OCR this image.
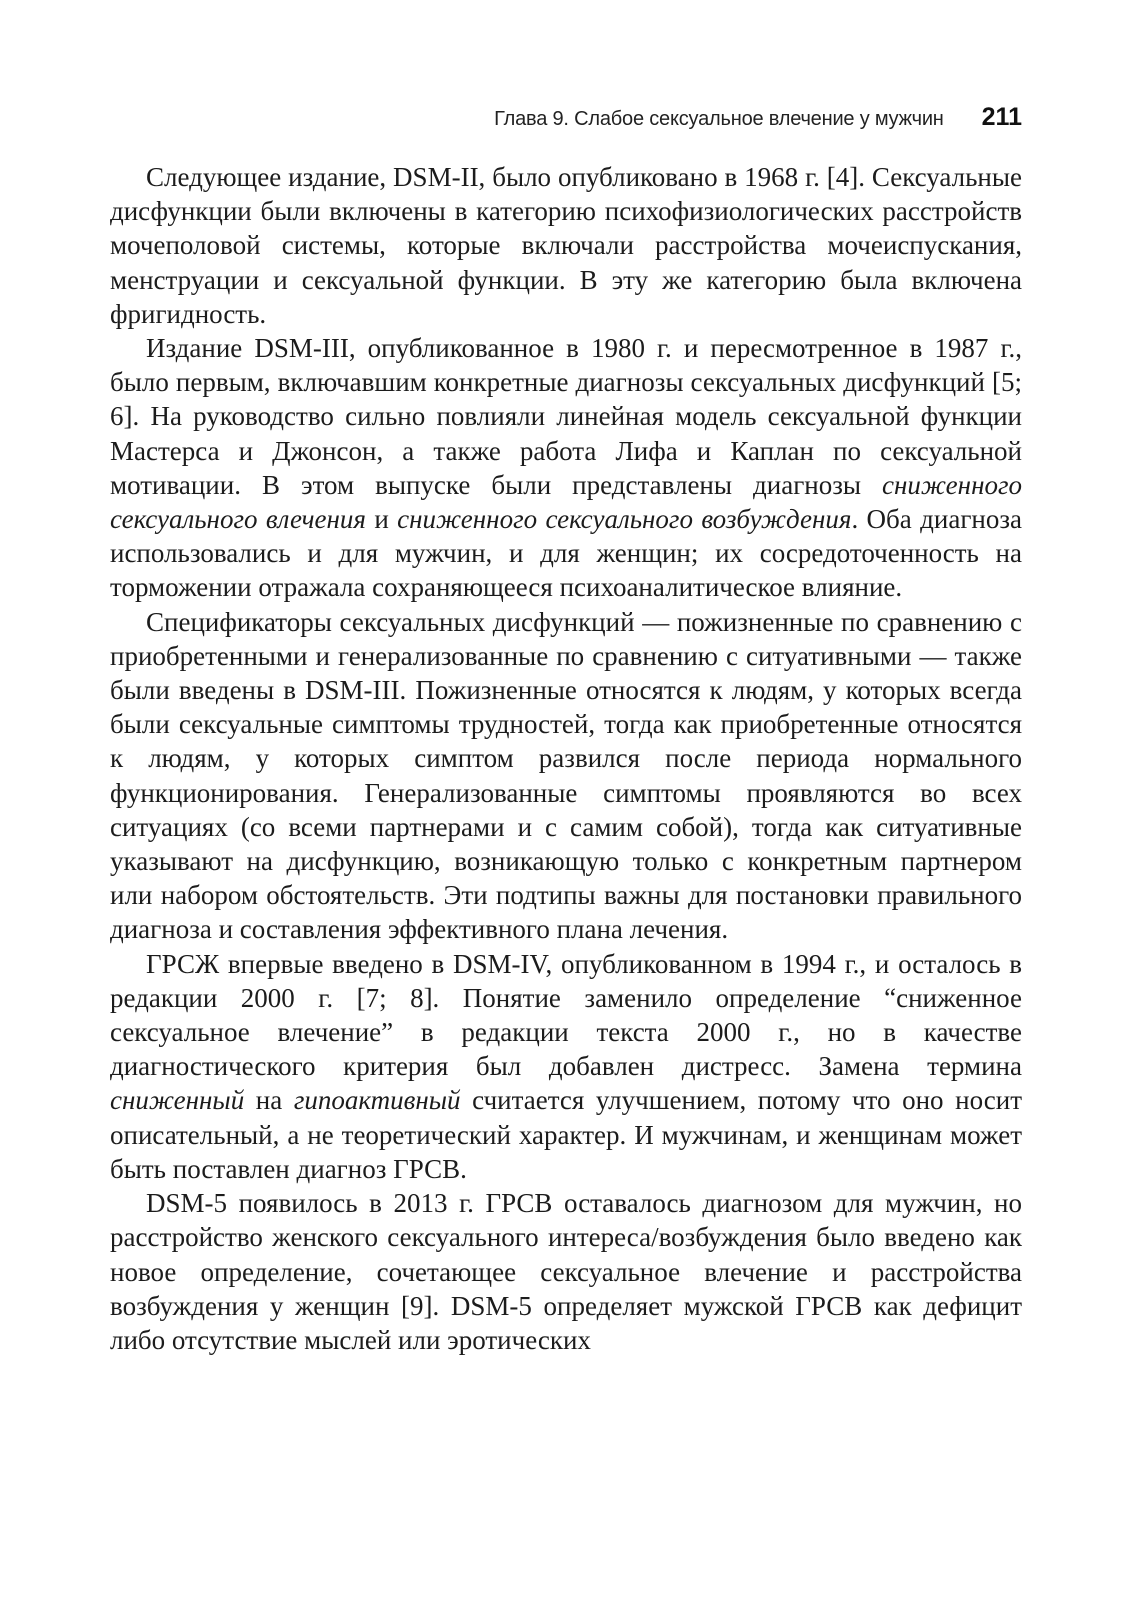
Глава 9. Слабое сексуальное влечение у мужчин 211

Следующее издание, DSM-II, было опубликовано в 1968 г. [4]. Сексуальные дисфункции были включены в категорию психофизиологических расстройств мочеполовой системы, которые включали расстройства мочеиспускания, менструации и сексуальной функции. В эту же категорию была включена фригидность.

Издание DSM-III, опубликованное в 1980 г. и пересмотренное в 1987 г., было первым, включавшим конкретные диагнозы сексуальных дисфункций [5; 6]. На руководство сильно повлияли линейная модель сексуальной функции Мастерса и Джонсон, а также работа Лифа и Каплан по сексуальной мотивации. В этом выпуске были представлены диагнозы сниженного сексуального влечения и сниженного сексуального возбуждения. Оба диагноза использовались и для мужчин, и для женщин; их сосредоточенность на торможении отражала сохраняющееся психоаналитическое влияние.

Спецификаторы сексуальных дисфункций — пожизненные по сравнению с приобретенными и генерализованные по сравнению с ситуативными — также были введены в DSM-III. Пожизненные относятся к людям, у которых всегда были сексуальные симптомы трудностей, тогда как приобретенные относятся к людям, у которых симптом развился после периода нормального функционирования. Генерализованные симптомы проявляются во всех ситуациях (со всеми партнерами и с самим собой), тогда как ситуативные указывают на дисфункцию, возникающую только с конкретным партнером или набором обстоятельств. Эти подтипы важны для постановки правильного диагноза и составления эффективного плана лечения.

ГРСЖ впервые введено в DSM-IV, опубликованном в 1994 г., и осталось в редакции 2000 г. [7; 8]. Понятие заменило определение “сниженное сексуальное влечение” в редакции текста 2000 г., но в качестве диагностического критерия был добавлен дистресс. Замена термина сниженный на гипоактивный считается улучшением, потому что оно носит описательный, а не теоретический характер. И мужчинам, и женщинам может быть поставлен диагноз ГРСВ.

DSM-5 появилось в 2013 г. ГРСВ оставалось диагнозом для мужчин, но расстройство женского сексуального интереса/возбуждения было введено как новое определение, сочетающее сексуальное влечение и расстройства возбуждения у женщин [9]. DSM-5 определяет мужской ГРСВ как дефицит либо отсутствие мыслей или эротических
